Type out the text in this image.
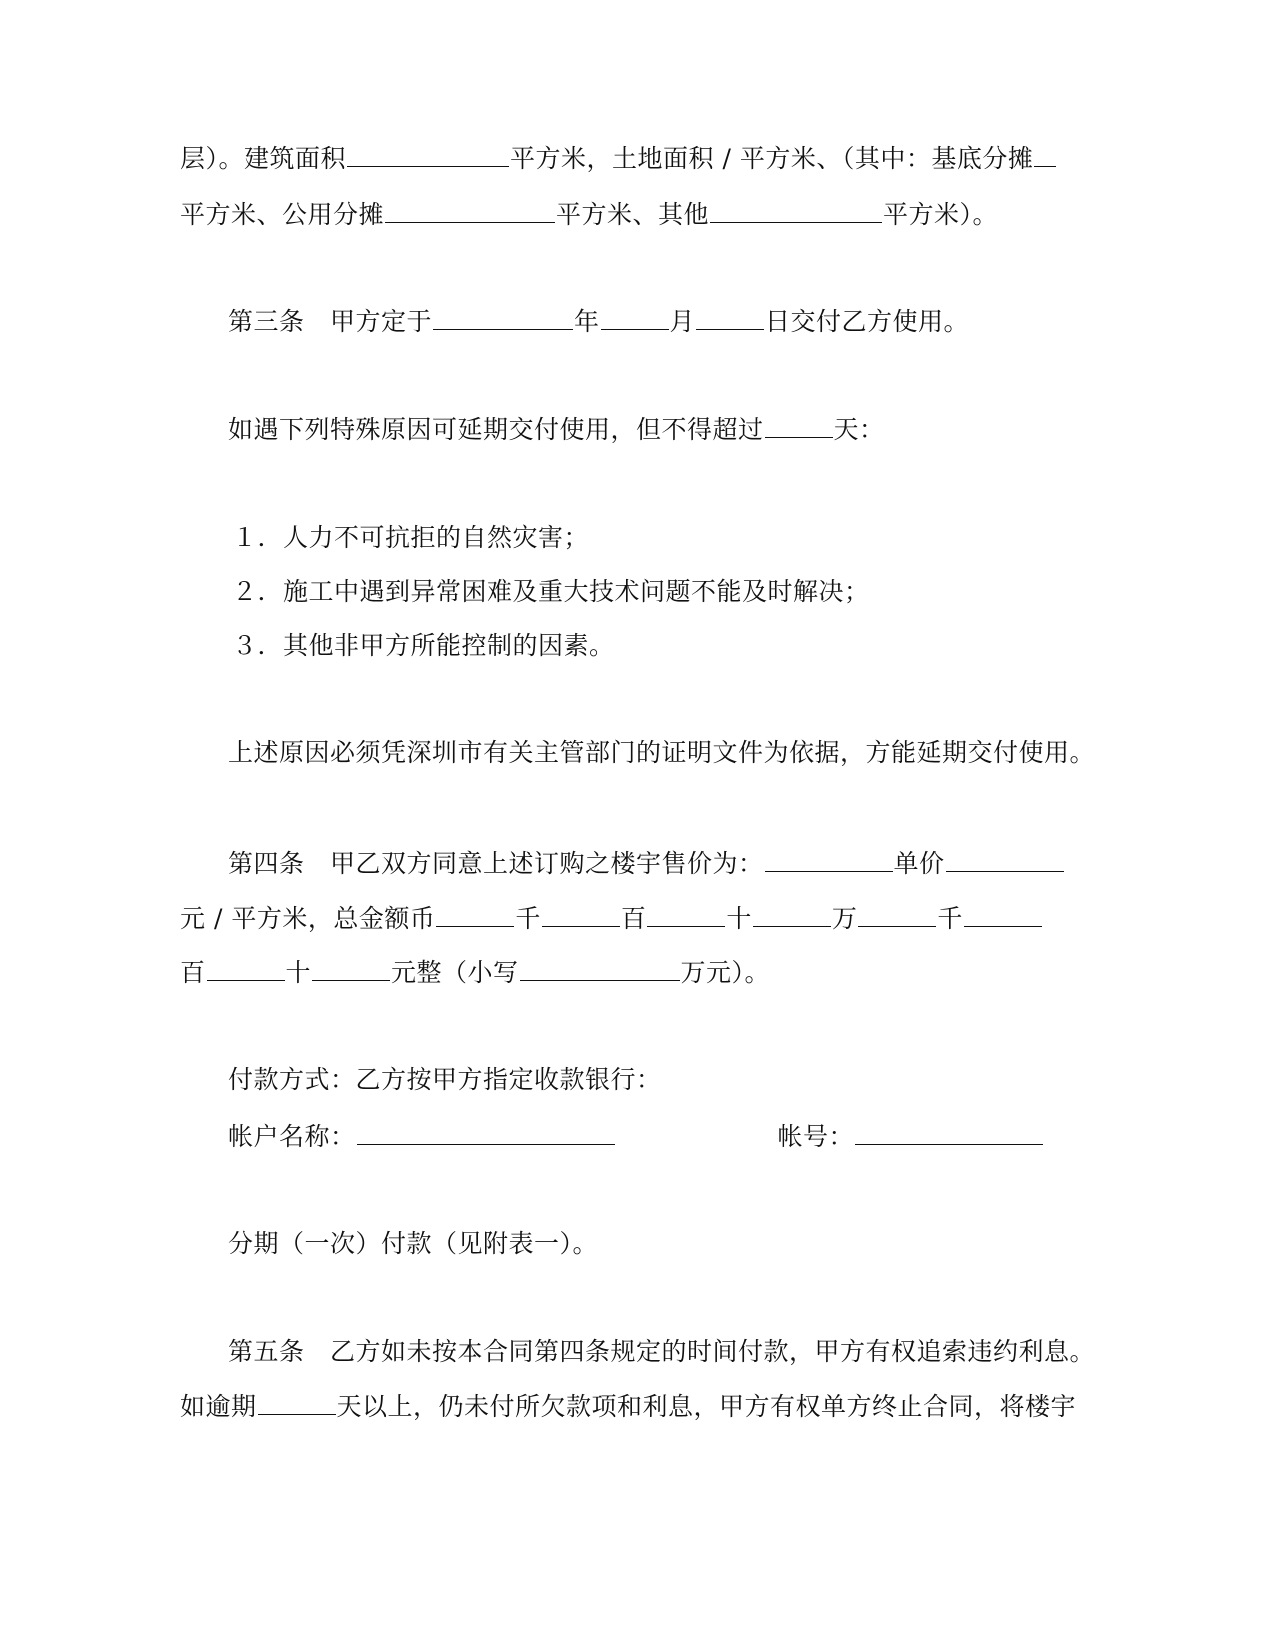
层）。建筑面积	平方米，土地面积 / 平方米、（其中：基底分摊
平方米、公用分摊	平方米、其他	平方米）。
第三条　甲方定于	年	月	日交付乙方使用。
如遇下列特殊原因可延期交付使用，但不得超过	天：
１．人力不可抗拒的自然灾害；
２．施工中遇到异常困难及重大技术问题不能及时解决；
３．其他非甲方所能控制的因素。
上述原因必须凭深圳市有关主管部门的证明文件为依据，方能延期交付使用。
第四条　甲乙双方同意上述订购之楼宇售价为：	单价
元 / 平方米，总金额币	千	百	十	万	千
百	十	元整（小写	万元）。
付款方式：乙方按甲方指定收款银行：
帐户名称：	帐号：
分期（一次）付款（见附表一）。
第五条　乙方如未按本合同第四条规定的时间付款，甲方有权追索违约利息。
如逾期	天以上，仍未付所欠款项和利息，甲方有权单方终止合同，将楼宇
